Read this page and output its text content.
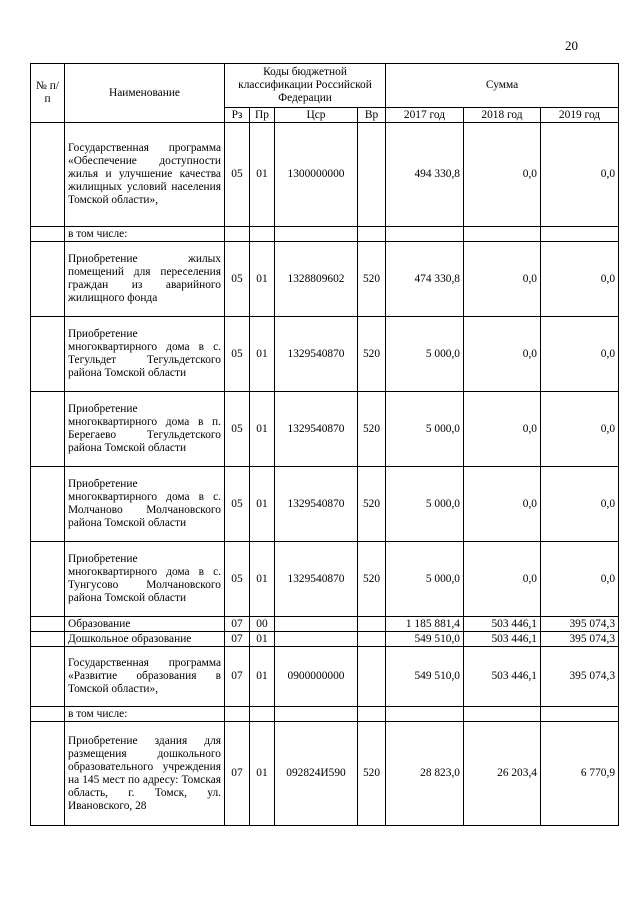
20
№ п/п	Наименование	Коды бюджетной классификации Российской Федерации				Сумма		
		Рз	Пр	Цср	Вр	2017 год	2018 год	2019 год
	Государственная программа «Обеспечение доступности жилья и улучшение качества жилищных условий населения Томской области»,	05	01	1300000000		494 330,8	0,0	0,0
	в том числе:							
	Приобретение жилых помещений для переселения граждан из аварийного жилищного фонда	05	01	1328809602	520	474 330,8	0,0	0,0
	Приобретение многоквартирного дома в с. Тегульдет Тегульдетского района Томской области	05	01	1329540870	520	5 000,0	0,0	0,0
	Приобретение многоквартирного дома в п. Берегаево Тегульдетского района Томской области	05	01	1329540870	520	5 000,0	0,0	0,0
	Приобретение многоквартирного дома в с. Молчаново Молчановского района Томской области	05	01	1329540870	520	5 000,0	0,0	0,0
	Приобретение многоквартирного дома в с. Тунгусово Молчановского района Томской области	05	01	1329540870	520	5 000,0	0,0	0,0
	Образование	07	00			1 185 881,4	503 446,1	395 074,3
	Дошкольное образование	07	01			549 510,0	503 446,1	395 074,3
	Государственная программа «Развитие образования в Томской области»,	07	01	0900000000		549 510,0	503 446,1	395 074,3
	в том числе:							
	Приобретение здания для размещения дошкольного образовательного учреждения на 145 мест по адресу: Томская область, г. Томск, ул. Ивановского, 28	07	01	092824И590	520	28 823,0	26 203,4	6 770,9
